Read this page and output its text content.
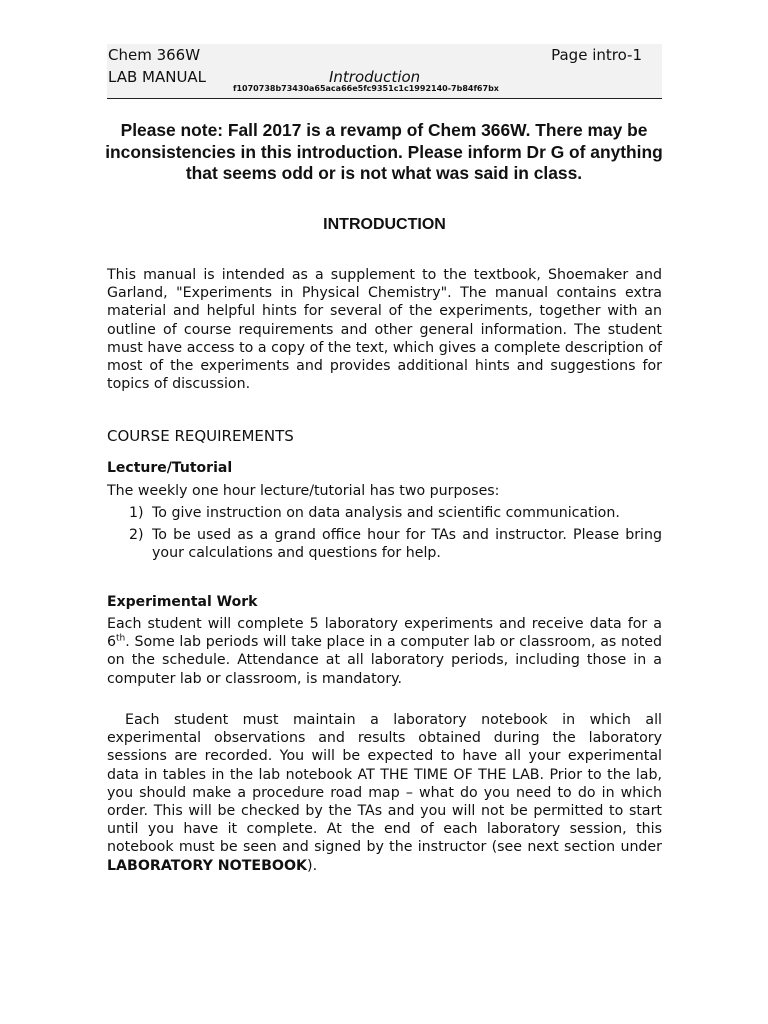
Chem 366W	Page intro-1
LAB MANUAL	Introduction
f1070738b73430a65aca66e5fc9351c1c1992140-7b84f67bx
Please note: Fall 2017 is a revamp of Chem 366W. There may be inconsistencies in this introduction. Please inform Dr G of anything that seems odd or is not what was said in class.
INTRODUCTION

This manual is intended as a supplement to the textbook, Shoemaker and Garland, "Experiments in Physical Chemistry". The manual contains extra material and helpful hints for several of the experiments, together with an outline of course requirements and other general information. The student must have access to a copy of the text, which gives a complete description of most of the experiments and provides additional hints and suggestions for topics of discussion.

COURSE REQUIREMENTS
Lecture/Tutorial

The weekly one hour lecture/tutorial has two purposes:

1) To give instruction on data analysis and scientific communication.
2) To be used as a grand office hour for TAs and instructor. Please bring your calculations and questions for help.
Experimental Work

Each student will complete 5 laboratory experiments and receive data for a 6th. Some lab periods will take place in a computer lab or classroom, as noted on the schedule. Attendance at all laboratory periods, including those in a computer lab or classroom, is mandatory.

Each student must maintain a laboratory notebook in which all experimental observations and results obtained during the laboratory sessions are recorded. You will be expected to have all your experimental data in tables in the lab notebook AT THE TIME OF THE LAB. Prior to the lab, you should make a procedure road map – what do you need to do in which order. This will be checked by the TAs and you will not be permitted to start until you have it complete. At the end of each laboratory session, this notebook must be seen and signed by the instructor (see next section under LABORATORY NOTEBOOK).
